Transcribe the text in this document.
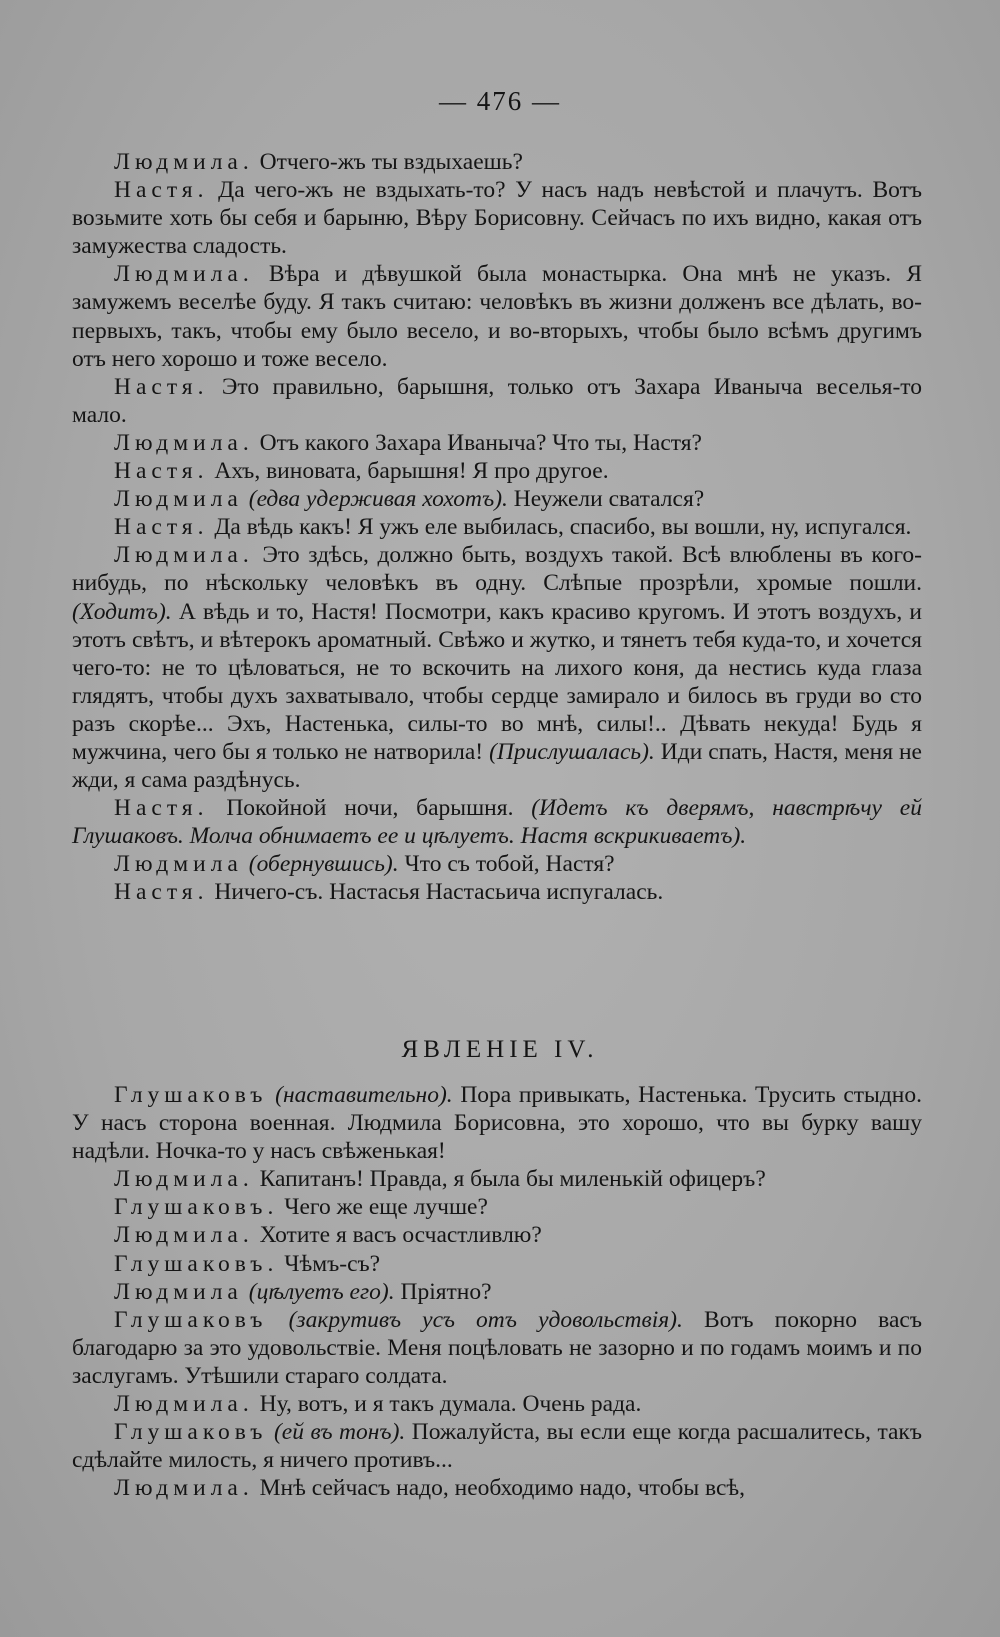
— 476 —

Людмила. Отчего-жъ ты вздыхаешь?

Настя. Да чего-жъ не вздыхать-то? У насъ надъ невѣстой и плачутъ. Вотъ возьмите хоть бы себя и барыню, Вѣру Борисовну. Сейчасъ по ихъ видно, какая отъ замужества сладость.

Людмила. Вѣра и дѣвушкой была монастырка. Она мнѣ не указъ. Я замужемъ веселѣе буду. Я такъ считаю: человѣкъ въ жизни долженъ все дѣлать, во-первыхъ, такъ, чтобы ему было весело, и во-вторыхъ, чтобы было всѣмъ другимъ отъ него хорошо и тоже весело.

Настя. Это правильно, барышня, только отъ Захара Иваныча веселья-то мало.

Людмила. Отъ какого Захара Иваныча? Что ты, Настя?

Настя. Ахъ, виновата, барышня! Я про другое.

Людмила (едва удерживая хохотъ). Неужели сватался?

Настя. Да вѣдь какъ! Я ужъ еле выбилась, спасибо, вы вошли, ну, испугался.

Людмила. Это здѣсь, должно быть, воздухъ такой. Всѣ влюблены въ кого-нибудь, по нѣскольку человѣкъ въ одну. Слѣпые прозрѣли, хромые пошли. (Ходитъ). А вѣдь и то, Настя! Посмотри, какъ красиво кругомъ. И этотъ воздухъ, и этотъ свѣтъ, и вѣтерокъ ароматный. Свѣжо и жутко, и тянетъ тебя куда-то, и хочется чего-то: не то цѣловаться, не то вскочить на лихого коня, да нестись куда глаза глядятъ, чтобы духъ захватывало, чтобы сердце замирало и билось въ груди во сто разъ скорѣе... Эхъ, Настенька, силы-то во мнѣ, силы!.. Дѣвать некуда! Будь я мужчина, чего бы я только не натворила! (Прислушалась). Иди спать, Настя, меня не жди, я сама раздѣнусь.

Настя. Покойной ночи, барышня. (Идетъ къ дверямъ, навстрѣчу ей Глушаковъ. Молча обнимаетъ ее и цѣлуетъ. Настя вскрикиваетъ).

Людмила (обернувшись). Что съ тобой, Настя?

Настя. Ничего-съ. Настасья Настасьича испугалась.

ЯВЛЕНІЕ IV.

Глушаковъ (наставительно). Пора привыкать, Настенька. Трусить стыдно. У насъ сторона военная. Людмила Борисовна, это хорошо, что вы бурку вашу надѣли. Ночка-то у насъ свѣженькая!

Людмила. Капитанъ! Правда, я была бы миленькій офицеръ?

Глушаковъ. Чего же еще лучше?

Людмила. Хотите я васъ осчастливлю?

Глушаковъ. Чѣмъ-съ?

Людмила (цѣлуетъ его). Пріятно?

Глушаковъ (закрутивъ усъ отъ удовольствія). Вотъ покорно васъ благодарю за это удовольствіе. Меня поцѣловать не зазорно и по годамъ моимъ и по заслугамъ. Утѣшили стараго солдата.

Людмила. Ну, вотъ, и я такъ думала. Очень рада.

Глушаковъ (ей въ тонъ). Пожалуйста, вы если еще когда расшалитесь, такъ сдѣлайте милость, я ничего противъ...

Людмила. Мнѣ сейчасъ надо, необходимо надо, чтобы всѣ,
